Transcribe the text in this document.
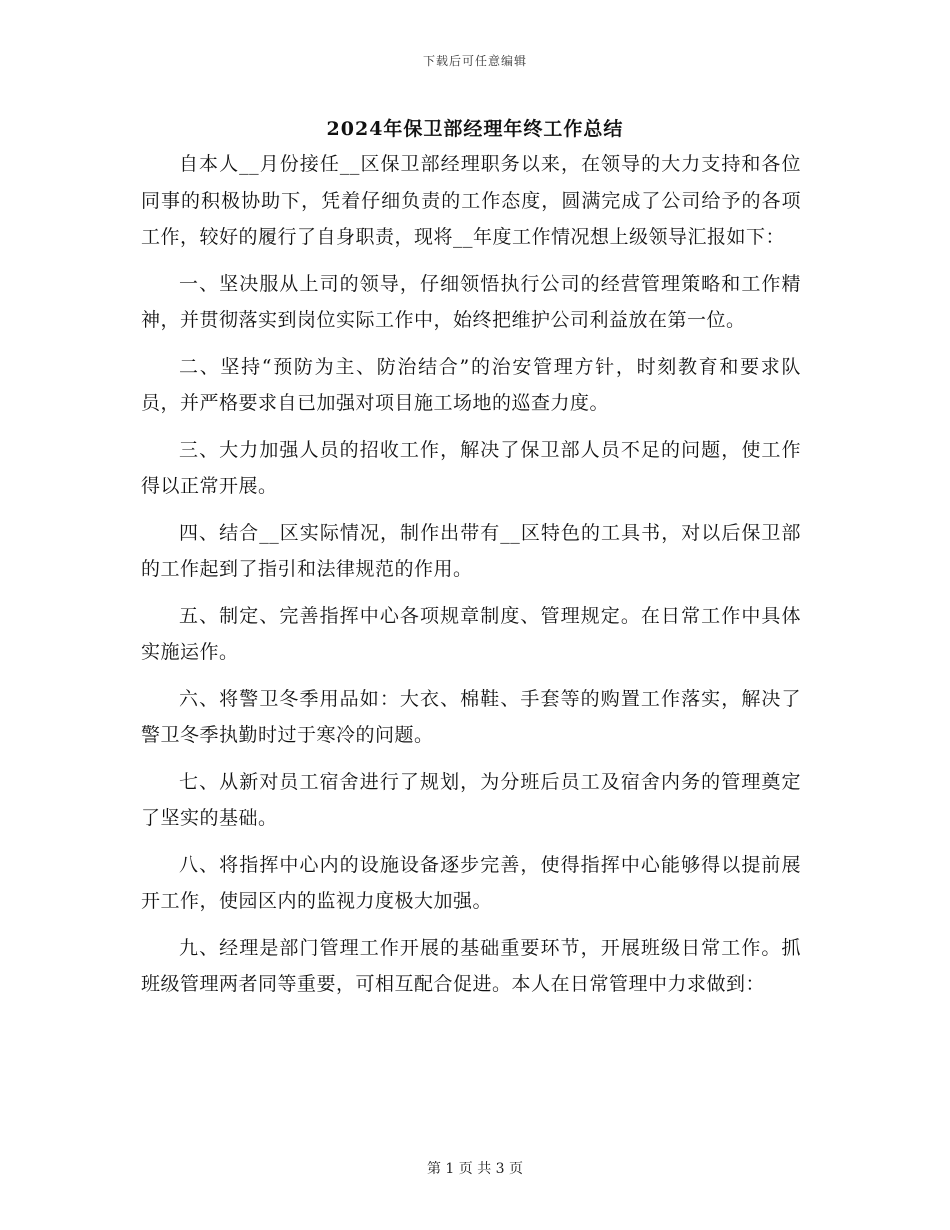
下载后可任意编辑
2024年保卫部经理年终工作总结

自本人__月份接任__区保卫部经理职务以来，在领导的大力支持和各位同事的积极协助下，凭着仔细负责的工作态度，圆满完成了公司给予的各项工作，较好的履行了自身职责，现将__年度工作情况想上级领导汇报如下：

一、坚决服从上司的领导，仔细领悟执行公司的经营管理策略和工作精神，并贯彻落实到岗位实际工作中，始终把维护公司利益放在第一位。

二、坚持“预防为主、防治结合”的治安管理方针，时刻教育和要求队员，并严格要求自已加强对项目施工场地的巡查力度。

三、大力加强人员的招收工作，解决了保卫部人员不足的问题，使工作得以正常开展。

四、结合__区实际情况，制作出带有__区特色的工具书，对以后保卫部的工作起到了指引和法律规范的作用。

五、制定、完善指挥中心各项规章制度、管理规定。在日常工作中具体实施运作。

六、将警卫冬季用品如：大衣、棉鞋、手套等的购置工作落实，解决了警卫冬季执勤时过于寒冷的问题。

七、从新对员工宿舍进行了规划，为分班后员工及宿舍内务的管理奠定了坚实的基础。

八、将指挥中心内的设施设备逐步完善，使得指挥中心能够得以提前展开工作，使园区内的监视力度极大加强。

九、经理是部门管理工作开展的基础重要环节，开展班级日常工作。抓班级管理两者同等重要，可相互配合促进。本人在日常管理中力求做到：

第 1 页 共 3 页
